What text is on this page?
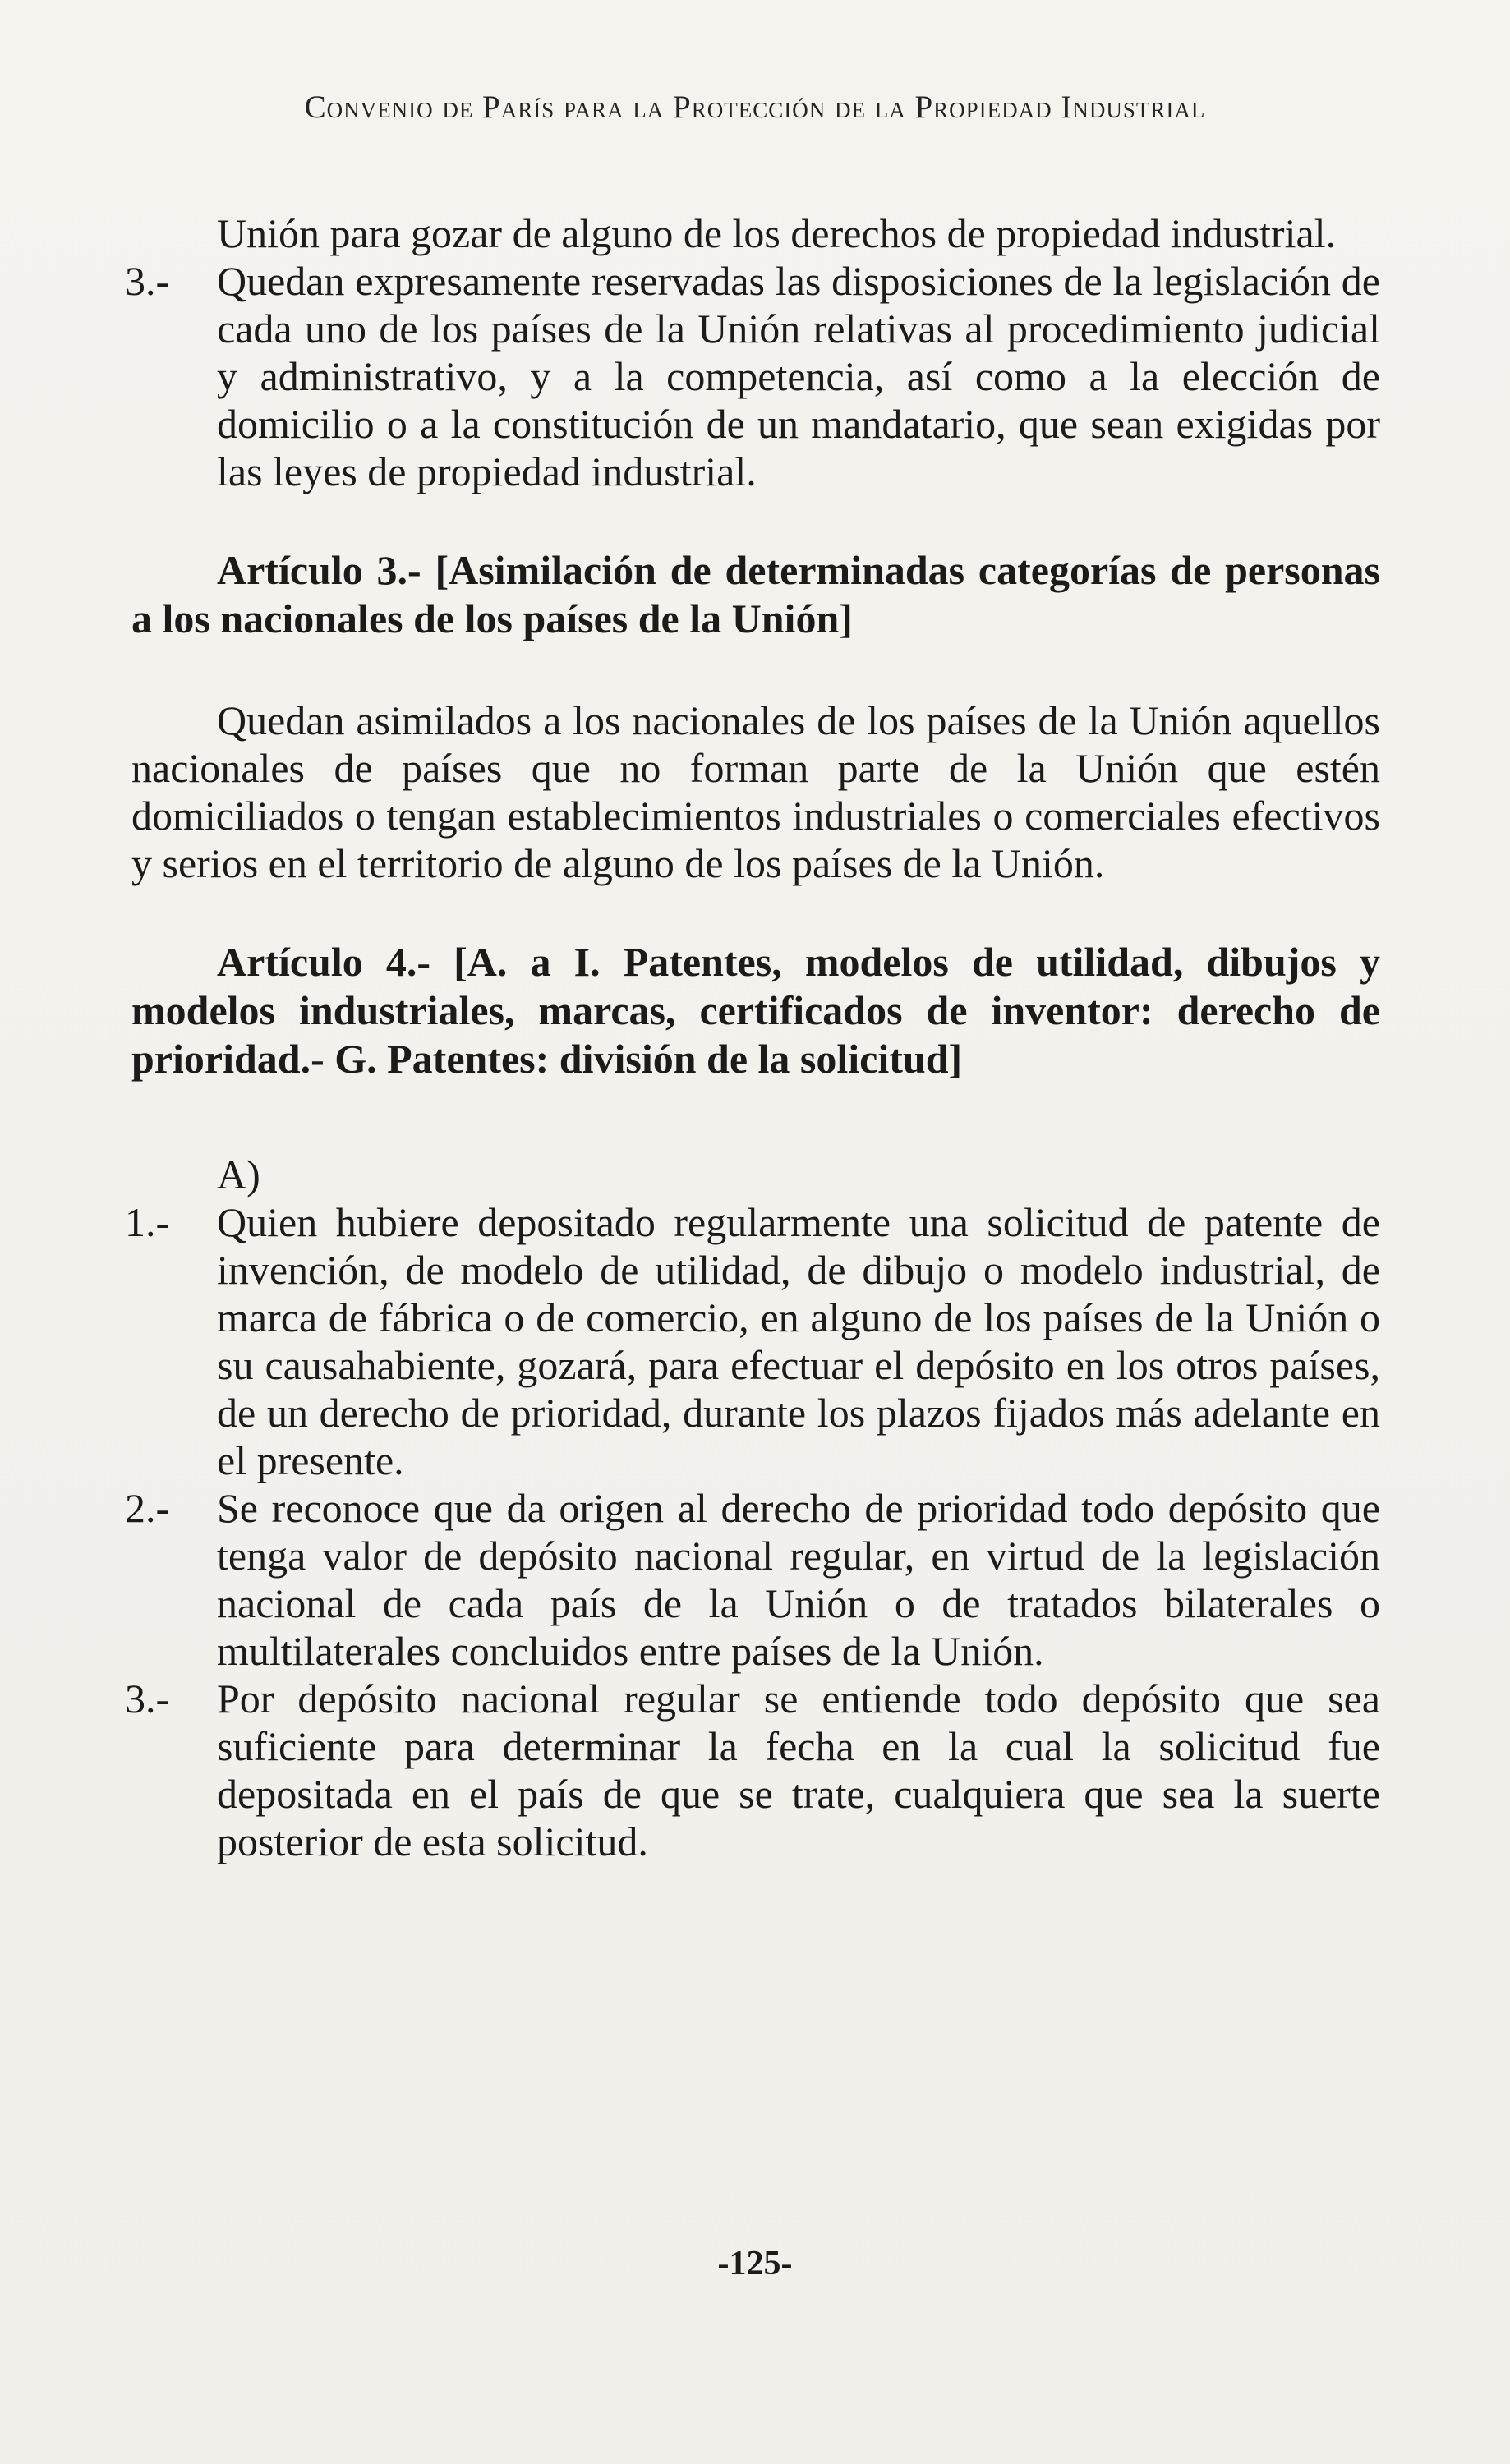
Convenio de París para la Protección de la Propiedad Industrial

Unión para gozar de alguno de los derechos de propiedad industrial.

3.- Quedan expresamente reservadas las disposiciones de la legislación de cada uno de los países de la Unión relativas al procedimiento judicial y administrativo, y a la competencia, así como a la elección de domicilio o a la constitución de un mandatario, que sean exigidas por las leyes de propiedad industrial.

Artículo 3.- [Asimilación de determinadas categorías de personas a los nacionales de los países de la Unión]

Quedan asimilados a los nacionales de los países de la Unión aquellos nacionales de países que no forman parte de la Unión que estén domiciliados o tengan establecimientos industriales o comerciales efectivos y serios en el territorio de alguno de los países de la Unión.

Artículo 4.- [A. a I. Patentes, modelos de utilidad, dibujos y modelos industriales, marcas, certificados de inventor: derecho de prioridad.- G. Patentes: división de la solicitud]

A)

1.- Quien hubiere depositado regularmente una solicitud de patente de invención, de modelo de utilidad, de dibujo o modelo industrial, de marca de fábrica o de comercio, en alguno de los países de la Unión o su causahabiente, gozará, para efectuar el depósito en los otros países, de un derecho de prioridad, durante los plazos fijados más adelante en el presente.
2.- Se reconoce que da origen al derecho de prioridad todo depósito que tenga valor de depósito nacional regular, en virtud de la legislación nacional de cada país de la Unión o de tratados bilaterales o multilaterales concluidos entre países de la Unión.
3.- Por depósito nacional regular se entiende todo depósito que sea suficiente para determinar la fecha en la cual la solicitud fue depositada en el país de que se trate, cualquiera que sea la suerte posterior de esta solicitud.
-125-
